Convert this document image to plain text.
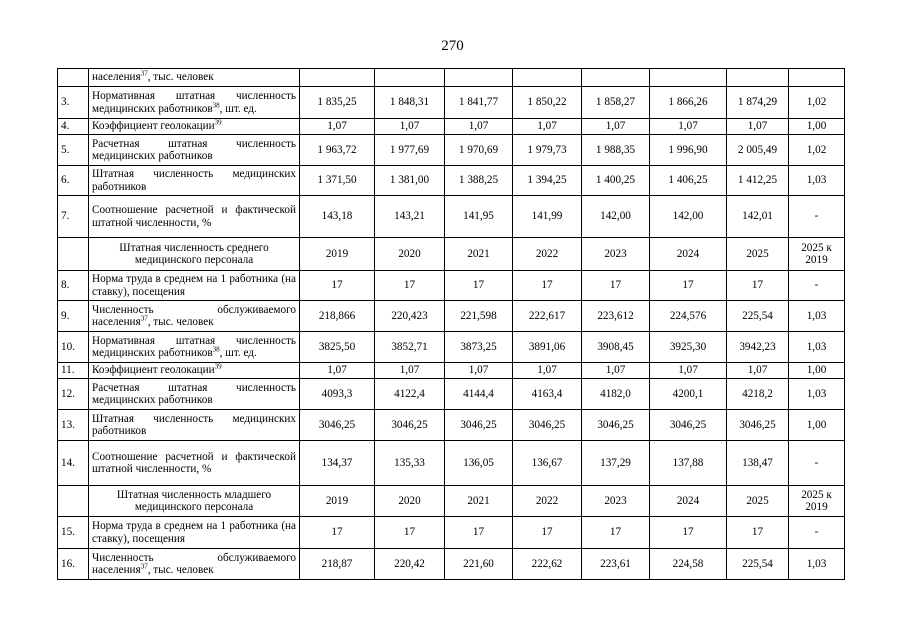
270
	населения$^{37}$, тыс. человек								
3.	Нормативная штатная численность медицинских работников$^{38}$, шт. ед.	1 835,25	1 848,31	1 841,77	1 850,22	1 858,27	1 866,26	1 874,29	1,02
4.	Коэффициент геолокации$^{39}$	1,07	1,07	1,07	1,07	1,07	1,07	1,07	1,00
5.	Расчетная штатная численность медицинских работников	1 963,72	1 977,69	1 970,69	1 979,73	1 988,35	1 996,90	2 005,49	1,02
6.	Штатная численность медицинских работников	1 371,50	1 381,00	1 388,25	1 394,25	1 400,25	1 406,25	1 412,25	1,03
7.	Соотношение расчетной и фактической штатной численности, %	143,18	143,21	141,95	141,99	142,00	142,00	142,01	-
	Штатная численность среднего медицинского персонала	2019	2020	2021	2022	2023	2024	2025	2025 к 2019
8.	Норма труда в среднем на 1 работника (на ставку), посещения	17	17	17	17	17	17	17	-
9.	Численность обслуживаемого населения$^{37}$, тыс. человек	218,866	220,423	221,598	222,617	223,612	224,576	225,54	1,03
10.	Нормативная штатная численность медицинских работников$^{38}$, шт. ед.	3825,50	3852,71	3873,25	3891,06	3908,45	3925,30	3942,23	1,03
11.	Коэффициент геолокации$^{39}$	1,07	1,07	1,07	1,07	1,07	1,07	1,07	1,00
12.	Расчетная штатная численность медицинских работников	4093,3	4122,4	4144,4	4163,4	4182,0	4200,1	4218,2	1,03
13.	Штатная численность медицинских работников	3046,25	3046,25	3046,25	3046,25	3046,25	3046,25	3046,25	1,00
14.	Соотношение расчетной и фактической штатной численности, %	134,37	135,33	136,05	136,67	137,29	137,88	138,47	-
	Штатная численность младшего медицинского персонала	2019	2020	2021	2022	2023	2024	2025	2025 к 2019
15.	Норма труда в среднем на 1 работника (на ставку), посещения	17	17	17	17	17	17	17	-
16.	Численность обслуживаемого населения$^{37}$, тыс. человек	218,87	220,42	221,60	222,62	223,61	224,58	225,54	1,03
